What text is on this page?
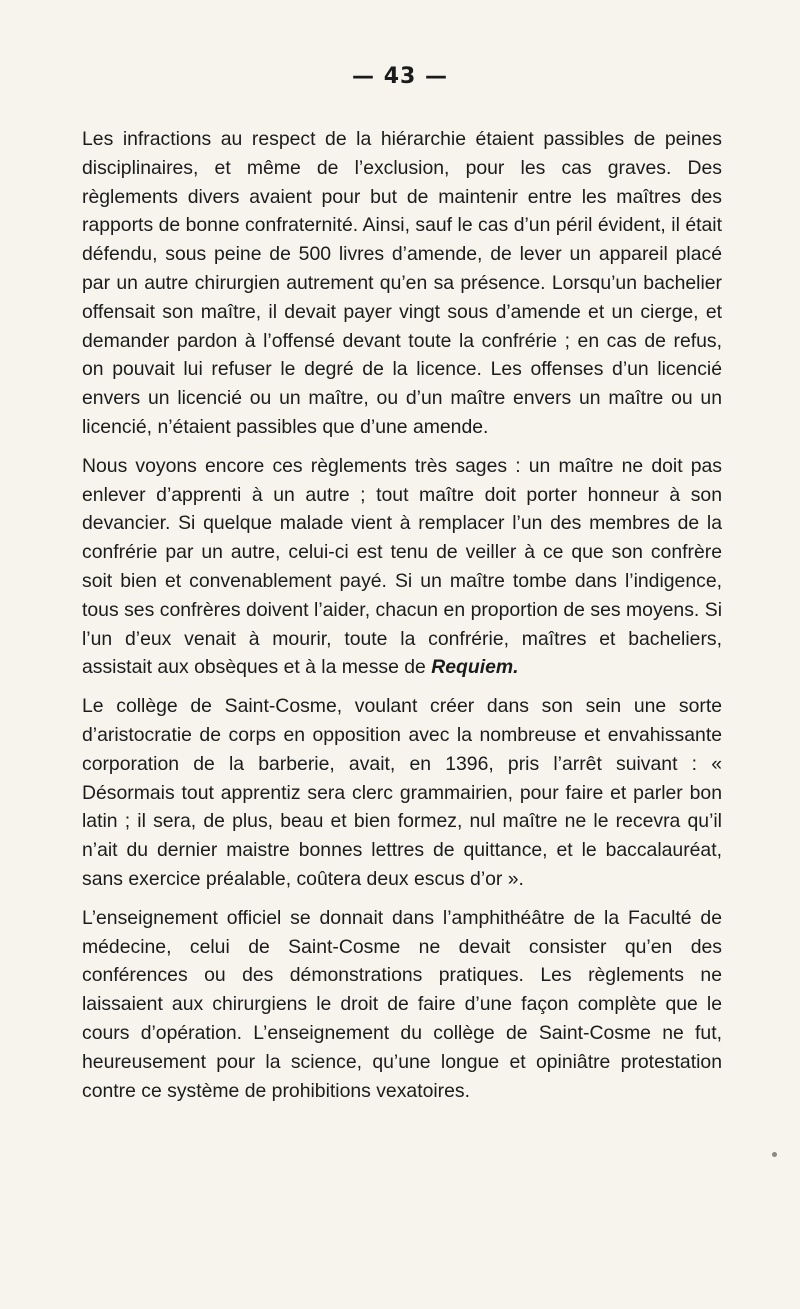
— 43 —

Les infractions au respect de la hiérarchie étaient passibles de peines disciplinaires, et même de l’exclusion, pour les cas graves. Des règlements divers avaient pour but de maintenir entre les maîtres des rapports de bonne confraternité. Ainsi, sauf le cas d’un péril évident, il était défendu, sous peine de 500 livres d’amende, de lever un appareil placé par un autre chirurgien autrement qu’en sa présence. Lorsqu’un bachelier offensait son maître, il devait payer vingt sous d’amende et un cierge, et demander pardon à l’offensé devant toute la confrérie ; en cas de refus, on pouvait lui refuser le degré de la licence. Les offenses d’un licencié envers un licencié ou un maître, ou d’un maître envers un maître ou un licencié, n’étaient passibles que d’une amende.

Nous voyons encore ces règlements très sages : un maître ne doit pas enlever d’apprenti à un autre ; tout maître doit porter honneur à son devancier. Si quelque malade vient à remplacer l’un des membres de la confrérie par un autre, celui-ci est tenu de veiller à ce que son confrère soit bien et convenablement payé. Si un maître tombe dans l’indigence, tous ses confrères doivent l’aider, chacun en proportion de ses moyens. Si l’un d’eux venait à mourir, toute la confrérie, maîtres et bacheliers, assistait aux obsèques et à la messe de Requiem.

Le collège de Saint-Cosme, voulant créer dans son sein une sorte d’aristocratie de corps en opposition avec la nombreuse et envahissante corporation de la barberie, avait, en 1396, pris l’arrêt suivant : « Désormais tout apprentiz sera clerc grammairien, pour faire et parler bon latin ; il sera, de plus, beau et bien formez, nul maître ne le recevra qu’il n’ait du dernier maistre bonnes lettres de quittance, et le baccalauréat, sans exercice préalable, coûtera deux escus d’or ».

L’enseignement officiel se donnait dans l’amphithéâtre de la Faculté de médecine, celui de Saint-Cosme ne devait consister qu’en des conférences ou des démonstrations pratiques. Les règlements ne laissaient aux chirurgiens le droit de faire d’une façon complète que le cours d’opération. L’enseignement du collège de Saint-Cosme ne fut, heureusement pour la science, qu’une longue et opiniâtre protestation contre ce système de prohibitions vexatoires.
